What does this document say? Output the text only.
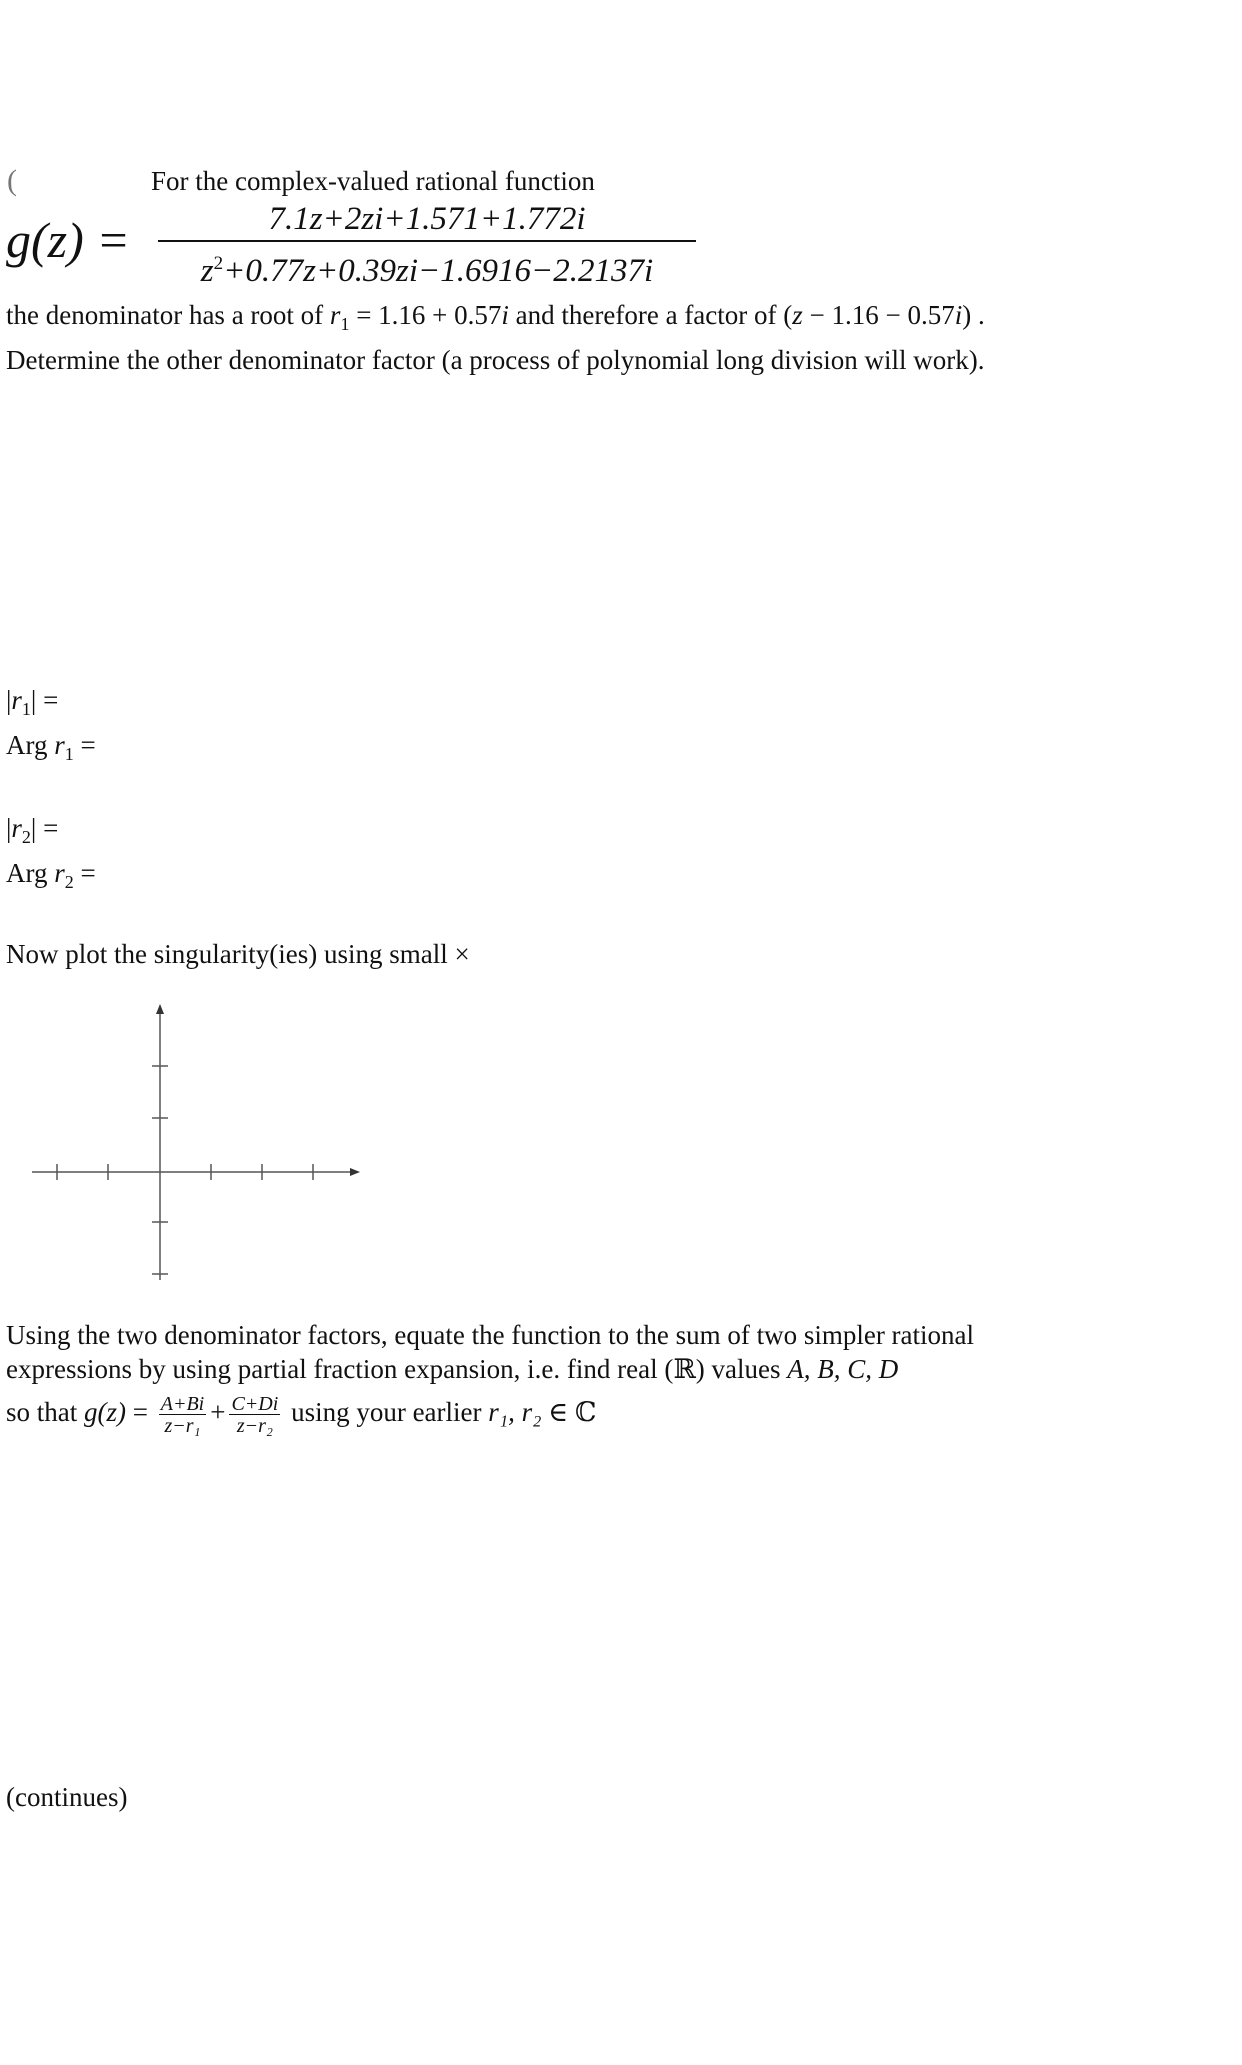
(	For the complex-valued rational function
g(z) =	7.1z+2zi+1.571+1.772i
$z^2+0.77z+0.39zi-1.6916-2.2137i$
the denominator has a root of $r_1 = 1.16 + 0.57i$ and therefore a factor of (z − 1.16 − 0.57i) .
Determine the other denominator factor (a process of polynomial long division will work).
$|r_1|$ =
Arg $r_1$ =
$|r_2|$ =
Arg $r_2$ =
Now plot the singularity(ies) using small ×
Using the two denominator factors, equate the function to the sum of two simpler rational
expressions by using partial fraction expansion, i.e. find real (ℝ) values A, B, C, D
so that $g(z) = \frac{A+Bi}{\text{z−r₁}} + \frac{C+Di}{\text{z−r₂}}$ using your earlier r₁, r₂ ∈ ℂ
(continues)
